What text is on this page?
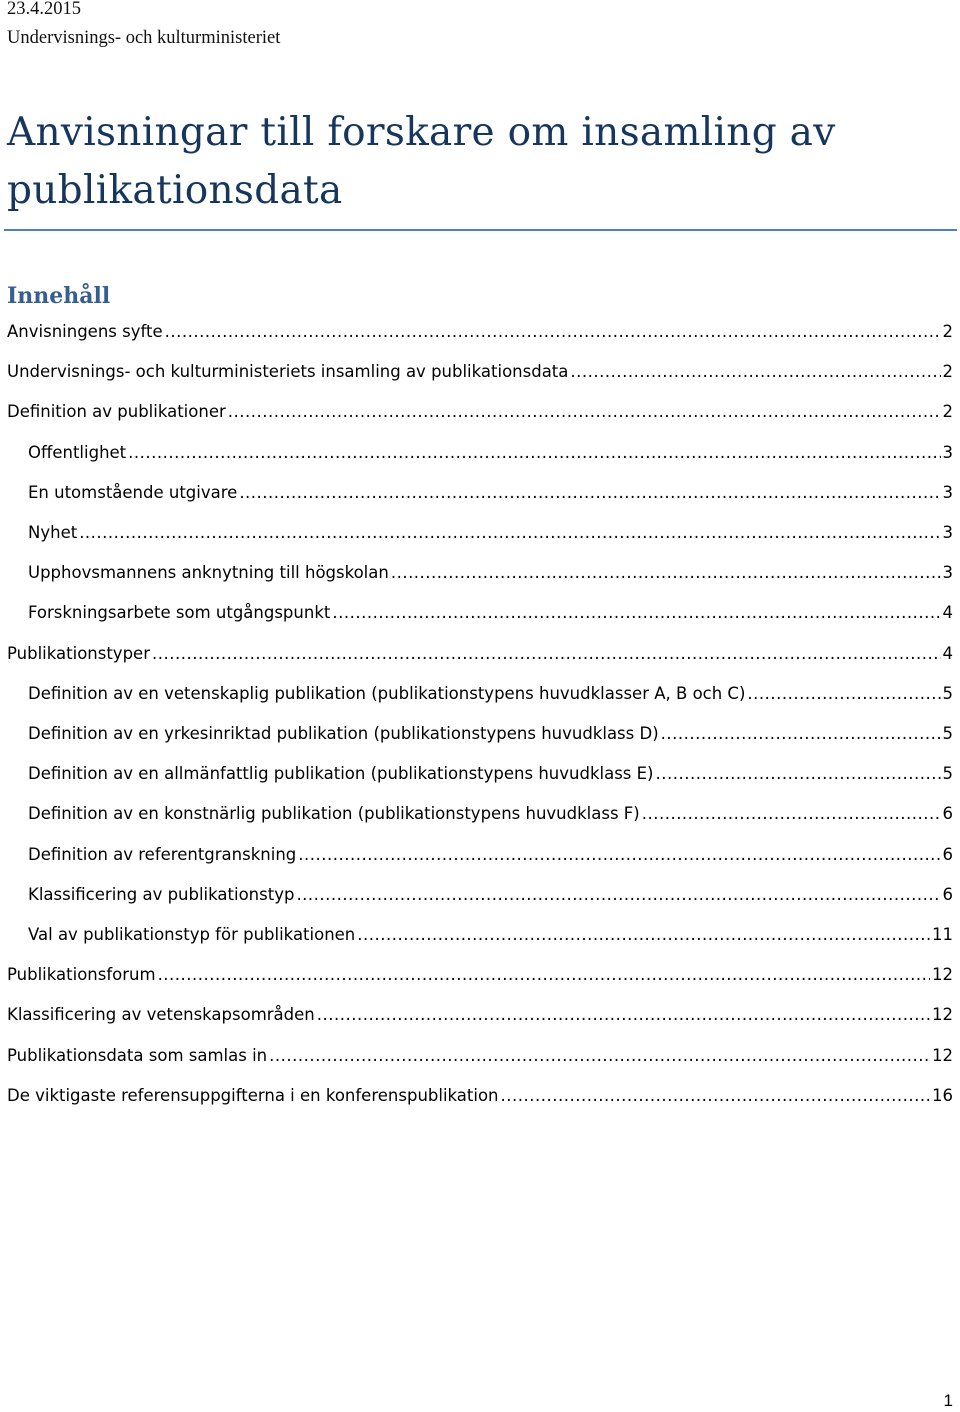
23.4.2015
Undervisnings- och kulturministeriet
Anvisningar till forskare om insamling av publikationsdata
Innehåll
Anvisningens syfte .....	2
Undervisnings- och kulturministeriets insamling av publikationsdata .....	2
Definition av publikationer .....	2
Offentlighet .....	3
En utomstående utgivare .....	3
Nyhet .....	3
Upphovsmannens anknytning till högskolan .....	3
Forskningsarbete som utgångspunkt .....	4
Publikationstyper .....	4
Definition av en vetenskaplig publikation (publikationstypens huvudklasser A, B och C) .....	5
Definition av en yrkesinriktad publikation (publikationstypens huvudklass D) .....	5
Definition av en allmänfattlig publikation (publikationstypens huvudklass E) .....	5
Definition av en konstnärlig publikation (publikationstypens huvudklass F) .....	6
Definition av referentgranskning .....	6
Klassificering av publikationstyp .....	6
Val av publikationstyp för publikationen .....	11
Publikationsforum .....	12
Klassificering av vetenskapsområden .....	12
Publikationsdata som samlas in .....	12
De viktigaste referensuppgifterna i en konferenspublikation .....	16
1
